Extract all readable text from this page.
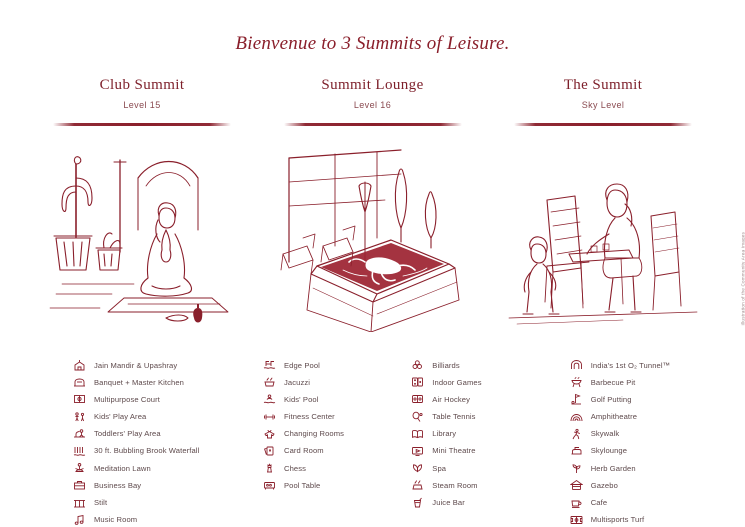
Bienvenue to 3 Summits of Leisure.
Club Summit
Level 15
Summit Lounge
Level 16
The Summit
Sky Level
Jain Mandir & Upashray
Banquet + Master Kitchen
Multipurpose Court
Kids' Play Area
Toddlers' Play Area
30 ft. Bubbling Brook Waterfall
Meditation Lawn
Business Bay
Stilt
Music Room
Edge Pool
Jacuzzi
Kids' Pool
Fitness Center
Changing Rooms
Card Room
Chess
Pool Table
Billiards
Indoor Games
Air Hockey
Table Tennis
Library
Mini Theatre
Spa
Steam Room
Juice Bar
India's 1st O₂ Tunnel™
Barbecue Pit
Golf Putting
Amphitheatre
Skywalk
Skylounge
Herb Garden
Gazebo
Cafe
Multisports Turf
Illustration of the Community Area Images
